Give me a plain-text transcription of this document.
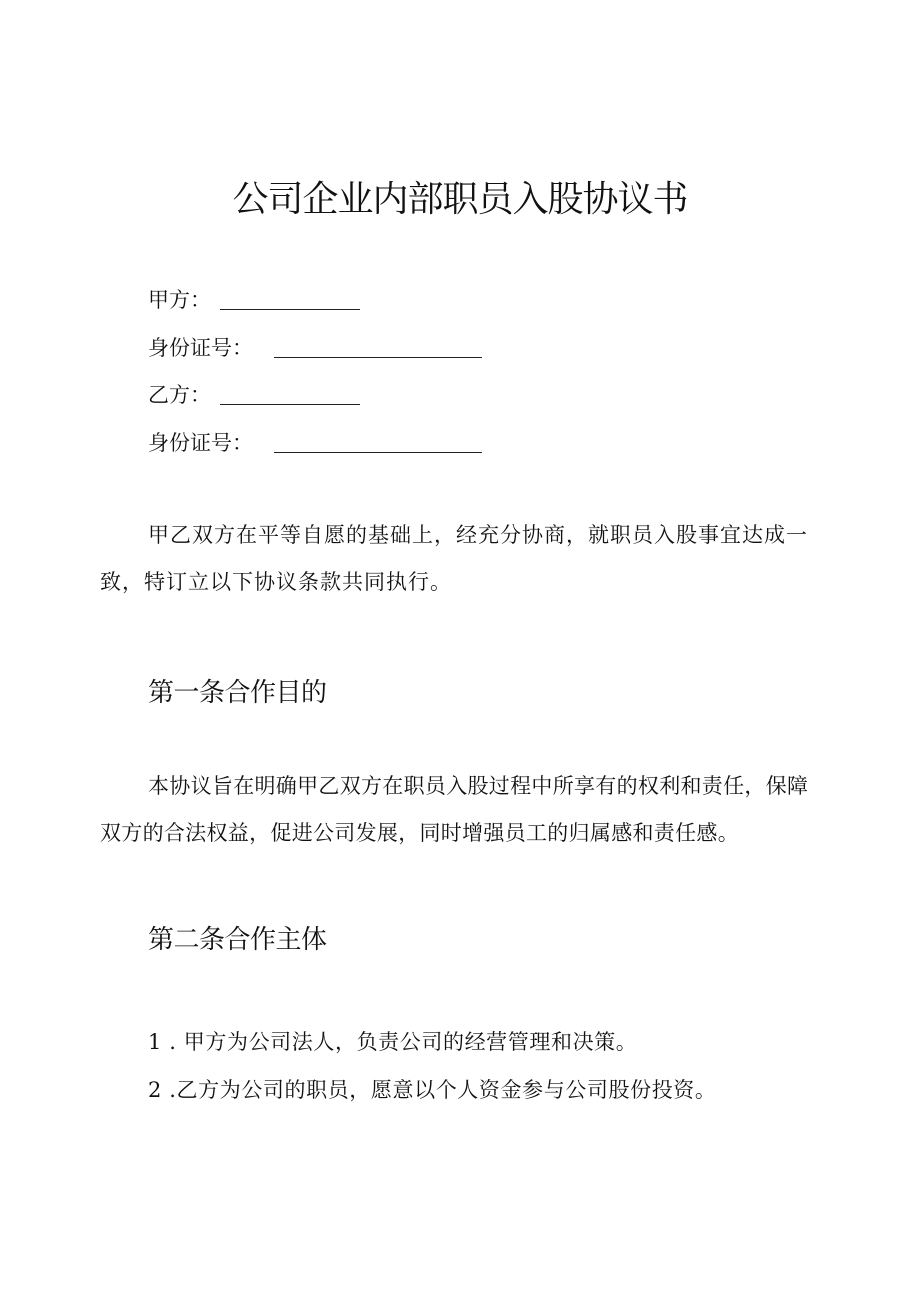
公司企业内部职员入股协议书
甲方：
身份证号：
乙方：
身份证号：
甲乙双方在平等自愿的基础上，经充分协商，就职员入股事宜达成一致，特订立以下协议条款共同执行。
第一条合作目的
本协议旨在明确甲乙双方在职员入股过程中所享有的权利和责任，保障双方的合法权益，促进公司发展，同时增强员工的归属感和责任感。
第二条合作主体
1 . 甲方为公司法人，负责公司的经营管理和决策。
2 .乙方为公司的职员，愿意以个人资金参与公司股份投资。
